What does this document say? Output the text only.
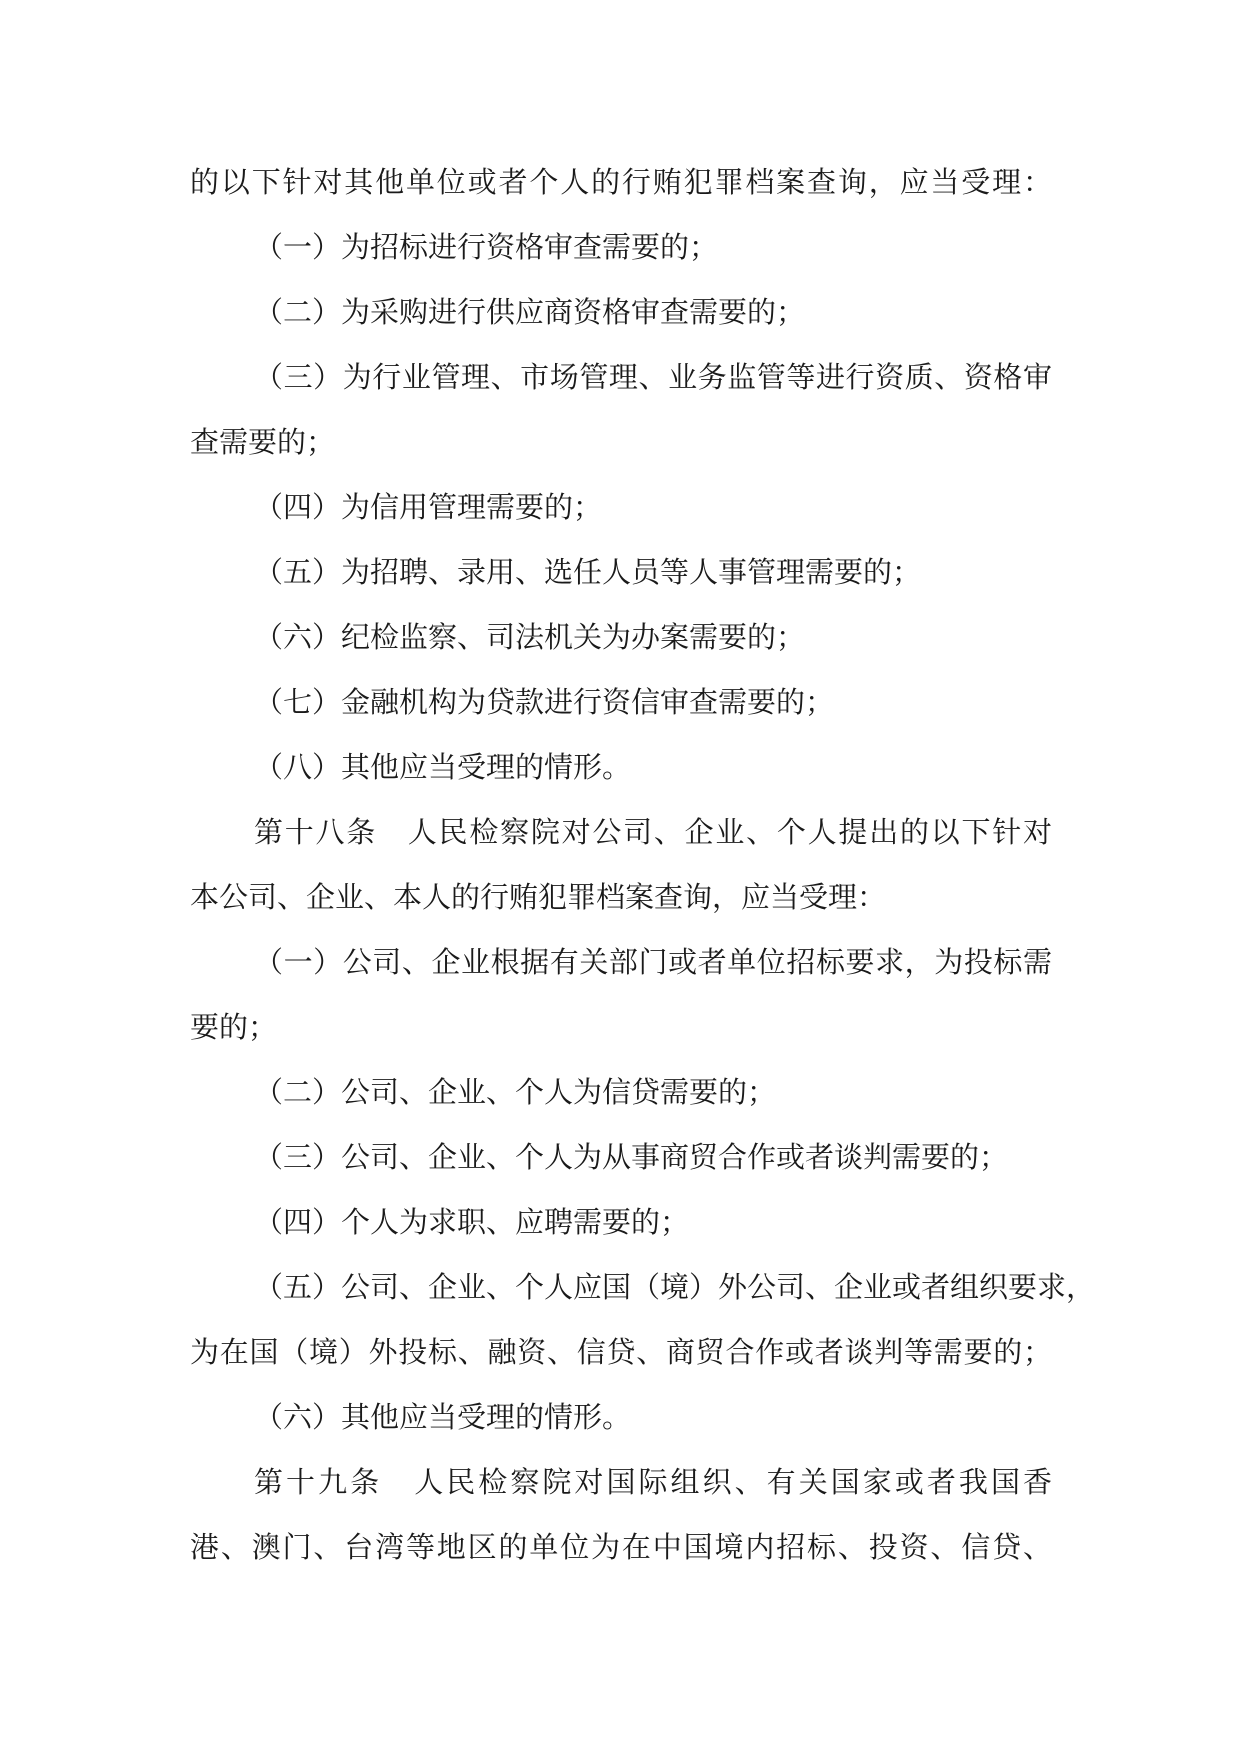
的以下针对其他单位或者个人的行贿犯罪档案查询，应当受理：
（一）为招标进行资格审查需要的；
（二）为采购进行供应商资格审查需要的；
（三）为行业管理、市场管理、业务监管等进行资质、资格审
查需要的；
（四）为信用管理需要的；
（五）为招聘、录用、选任人员等人事管理需要的；
（六）纪检监察、司法机关为办案需要的；
（七）金融机构为贷款进行资信审查需要的；
（八）其他应当受理的情形。
第十八条　人民检察院对公司、企业、个人提出的以下针对
本公司、企业、本人的行贿犯罪档案查询，应当受理：
（一）公司、企业根据有关部门或者单位招标要求，为投标需
要的；
（二）公司、企业、个人为信贷需要的；
（三）公司、企业、个人为从事商贸合作或者谈判需要的；
（四）个人为求职、应聘需要的；
（五）公司、企业、个人应国（境）外公司、企业或者组织要求，
为在国（境）外投标、融资、信贷、商贸合作或者谈判等需要的；
（六）其他应当受理的情形。
第十九条　人民检察院对国际组织、有关国家或者我国香
港、澳门、台湾等地区的单位为在中国境内招标、投资、信贷、
